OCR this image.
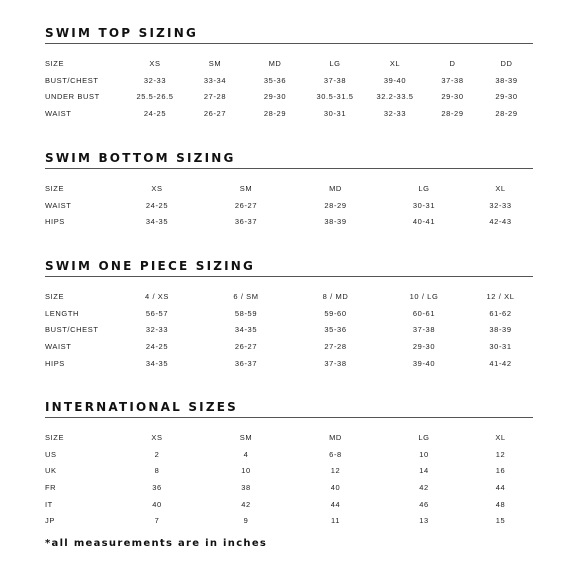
SWIM TOP SIZING
SIZE	XS	SM	MD	LG	XL	D	DD
BUST/CHEST	32-33	33-34	35-36	37-38	39-40	37-38	38-39
UNDER BUST	25.5-26.5	27-28	29-30	30.5-31.5	32.2-33.5	29-30	29-30
WAIST	24-25	26-27	28-29	30-31	32-33	28-29	28-29
SWIM BOTTOM SIZING
SIZE	XS	SM	MD	LG	XL
WAIST	24-25	26-27	28-29	30-31	32-33
HIPS	34-35	36-37	38-39	40-41	42-43
SWIM ONE PIECE SIZING
SIZE	4 / XS	6 / SM	8 / MD	10 / LG	12 / XL
LENGTH	56-57	58-59	59-60	60-61	61-62
BUST/CHEST	32-33	34-35	35-36	37-38	38-39
WAIST	24-25	26-27	27-28	29-30	30-31
HIPS	34-35	36-37	37-38	39-40	41-42
INTERNATIONAL SIZES
SIZE	XS	SM	MD	LG	XL
US	2	4	6-8	10	12
UK	8	10	12	14	16
FR	36	38	40	42	44
IT	40	42	44	46	48
JP	7	9	11	13	15
*all measurements are in inches
